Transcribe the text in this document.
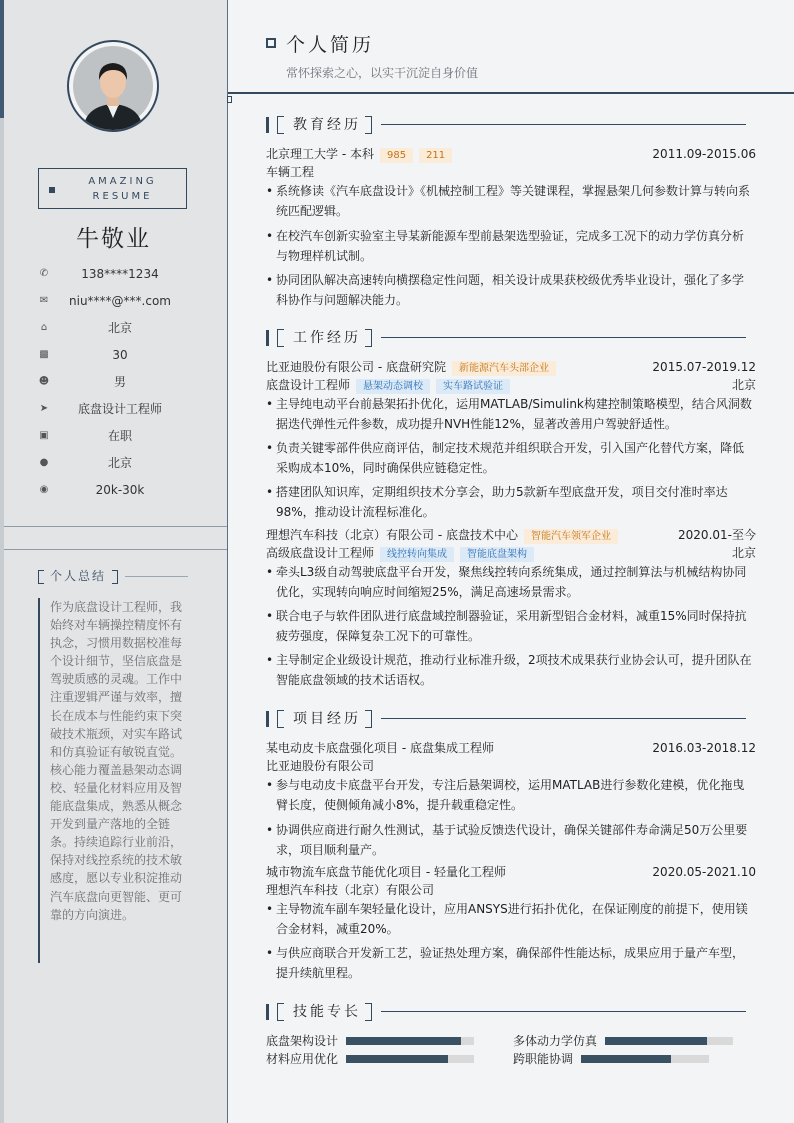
AMAZING
RESUME
牛敬业
✆	138****1234
✉	niu****@***.com
⌂	北京
▩	30
☻	男
➤	底盘设计工程师
▣	在职
●	北京
◉	20k-30k
个人总结
作为底盘设计工程师，我始终对车辆操控精度怀有执念，习惯用数据校准每个设计细节，坚信底盘是驾驶质感的灵魂。工作中注重逻辑严谨与效率，擅长在成本与性能约束下突破技术瓶颈，对实车路试和仿真验证有敏锐直觉。核心能力覆盖悬架动态调校、轻量化材料应用及智能底盘集成，熟悉从概念开发到量产落地的全链条。持续追踪行业前沿，保持对线控系统的技术敏感度，愿以专业积淀推动汽车底盘向更智能、更可靠的方向演进。
个人简历
常怀探索之心，以实干沉淀自身价值
教育经历
北京理工大学 - 本科 985 211	2011.09-2015.06
车辆工程
• 系统修读《汽车底盘设计》《机械控制工程》等关键课程，掌握悬架几何参数计算与转向系统匹配逻辑。
• 在校汽车创新实验室主导某新能源车型前悬架选型验证，完成多工况下的动力学仿真分析与物理样机试制。
• 协同团队解决高速转向横摆稳定性问题，相关设计成果获校级优秀毕业设计，强化了多学科协作与问题解决能力。
工作经历
比亚迪股份有限公司 - 底盘研究院 新能源汽车头部企业	2015.07-2019.12
底盘设计工程师 悬架动态调校 实车路试验证	北京
• 主导纯电动平台前悬架拓扑优化，运用MATLAB/Simulink构建控制策略模型，结合风洞数据迭代弹性元件参数，成功提升NVH性能12%，显著改善用户驾驶舒适性。
• 负责关键零部件供应商评估，制定技术规范并组织联合开发，引入国产化替代方案，降低采购成本10%，同时确保供应链稳定性。
• 搭建团队知识库，定期组织技术分享会，助力5款新车型底盘开发，项目交付准时率达98%，推动设计流程标准化。
理想汽车科技（北京）有限公司 - 底盘技术中心 智能汽车领军企业	2020.01-至今
高级底盘设计工程师 线控转向集成 智能底盘架构	北京
• 牵头L3级自动驾驶底盘平台开发，聚焦线控转向系统集成，通过控制算法与机械结构协同优化，实现转向响应时间缩短25%，满足高速场景需求。
• 联合电子与软件团队进行底盘域控制器验证，采用新型铝合金材料，减重15%同时保持抗疲劳强度，保障复杂工况下的可靠性。
• 主导制定企业级设计规范，推动行业标准升级，2项技术成果获行业协会认可，提升团队在智能底盘领域的技术话语权。
项目经历
某电动皮卡底盘强化项目 - 底盘集成工程师	2016.03-2018.12
比亚迪股份有限公司
• 参与电动皮卡底盘平台开发，专注后悬架调校，运用MATLAB进行参数化建模，优化拖曳臂长度，使侧倾角减小8%，提升载重稳定性。
• 协调供应商进行耐久性测试，基于试验反馈迭代设计，确保关键部件寿命满足50万公里要求，项目顺利量产。
城市物流车底盘节能优化项目 - 轻量化工程师	2020.05-2021.10
理想汽车科技（北京）有限公司
• 主导物流车副车架轻量化设计，应用ANSYS进行拓扑优化，在保证刚度的前提下，使用镁合金材料，减重20%。
• 与供应商联合开发新工艺，验证热处理方案，确保部件性能达标，成果应用于量产车型，提升续航里程。
技能专长
底盘架构设计	多体动力学仿真
材料应用优化	跨职能协调
